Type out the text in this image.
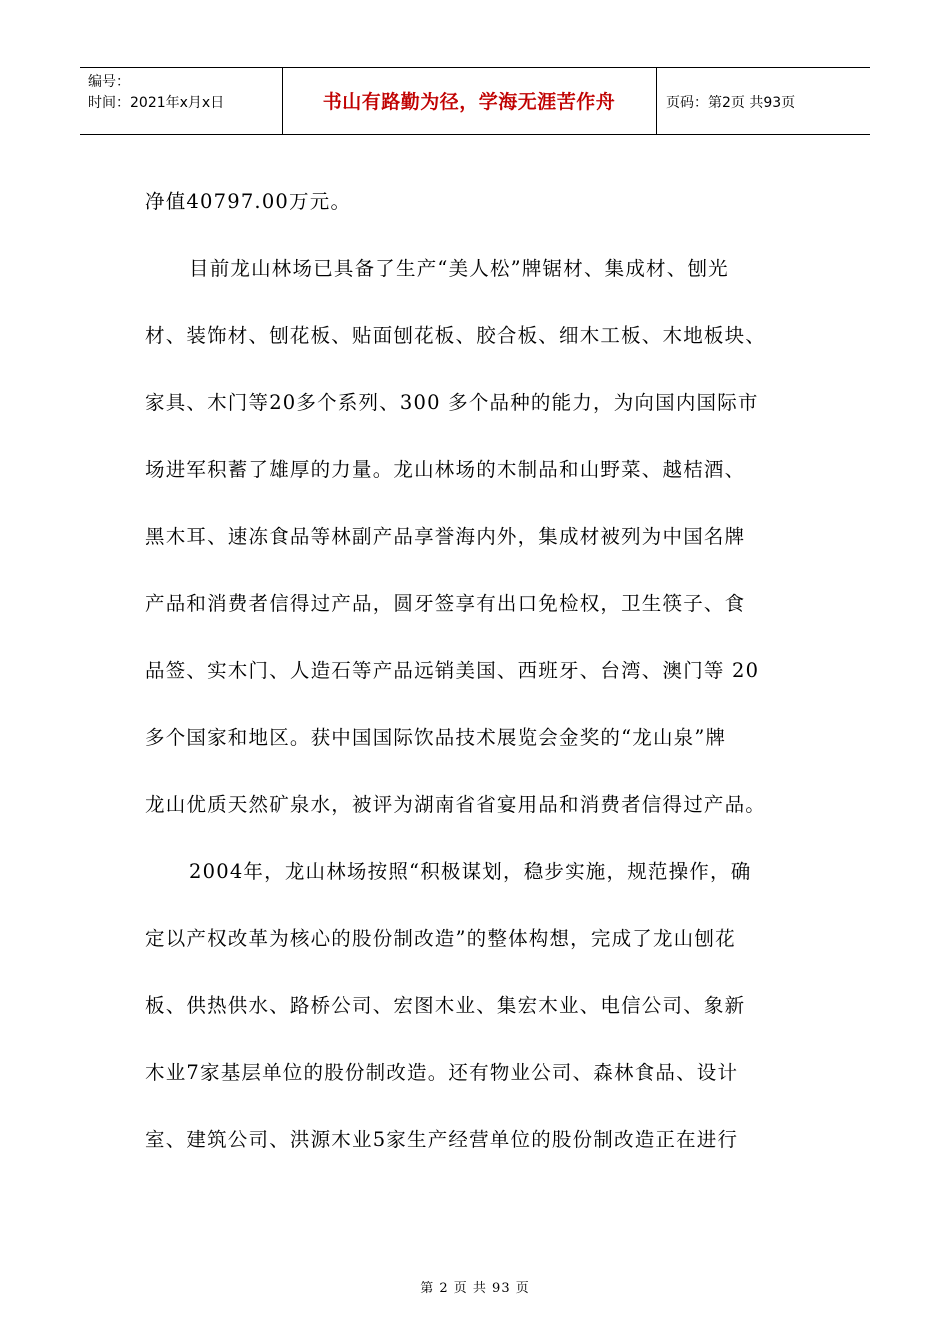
编号：
时间：2021年x月x日	书山有路勤为径，学海无涯苦作舟	页码：第2页 共93页

净值40797.00万元。

目前龙山林场已具备了生产“美人松”牌锯材、集成材、刨光

材、装饰材、刨花板、贴面刨花板、胶合板、细木工板、木地板块、

家具、木门等20多个系列、300 多个品种的能力，为向国内国际市

场进军积蓄了雄厚的力量。龙山林场的木制品和山野菜、越桔酒、

黑木耳、速冻食品等林副产品享誉海内外，集成材被列为中国名牌

产品和消费者信得过产品，圆牙签享有出口免检权，卫生筷子、食

品签、实木门、人造石等产品远销美国、西班牙、台湾、澳门等 20

多个国家和地区。获中国国际饮品技术展览会金奖的“龙山泉”牌

龙山优质天然矿泉水，被评为湖南省省宴用品和消费者信得过产品。

2004年，龙山林场按照“积极谋划，稳步实施，规范操作，确

定以产权改革为核心的股份制改造”的整体构想，完成了龙山刨花

板、供热供水、路桥公司、宏图木业、集宏木业、电信公司、象新

木业7家基层单位的股份制改造。还有物业公司、森林食品、设计

室、建筑公司、洪源木业5家生产经营单位的股份制改造正在进行

第 2 页 共 93 页
